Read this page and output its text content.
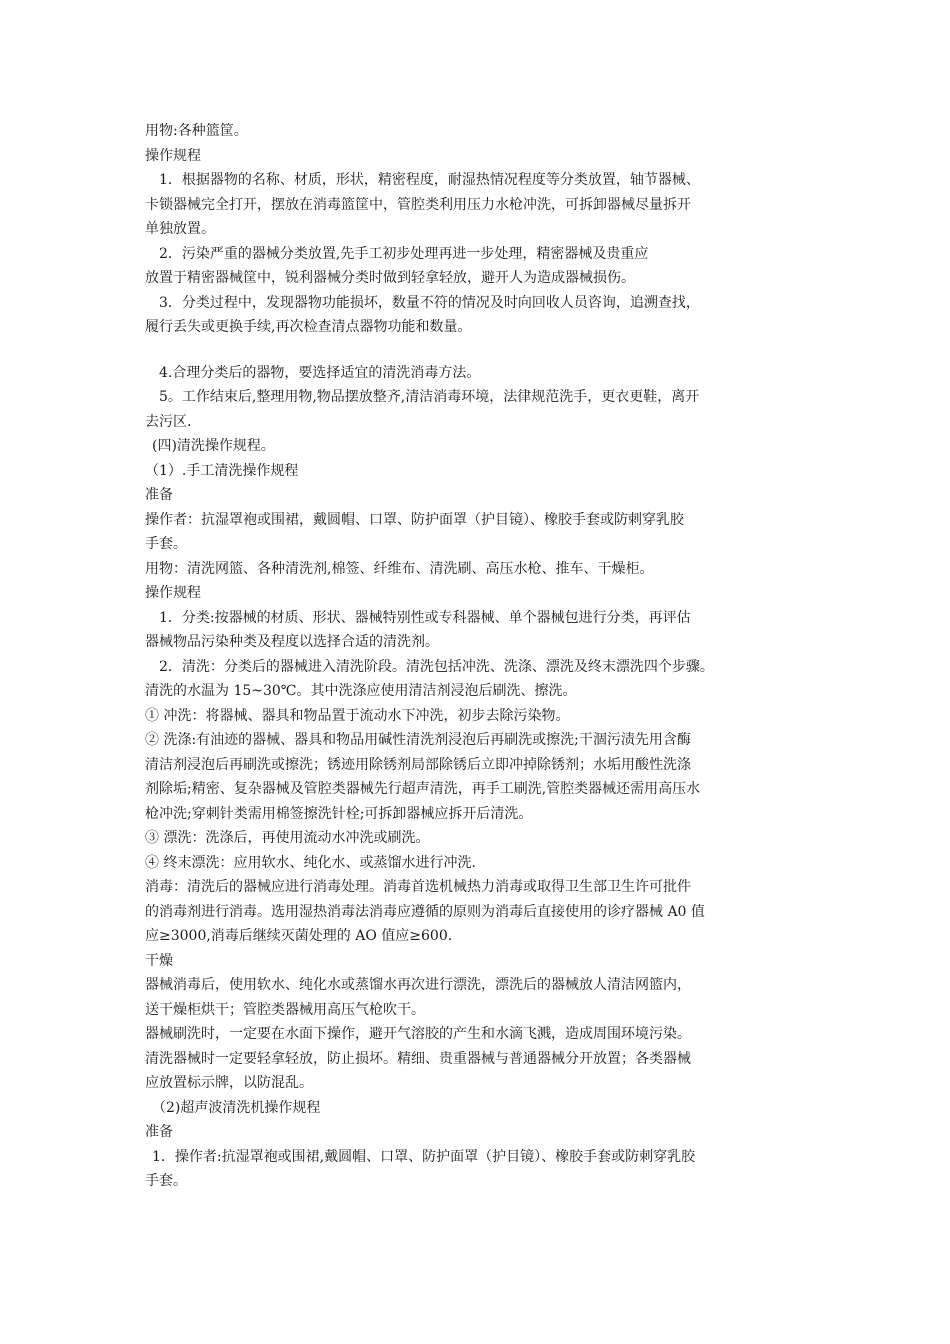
用物:各种篮筐。
操作规程
1．根据器物的名称、材质，形状，精密程度，耐湿热情况程度等分类放置，轴节器械、
卡锁器械完全打开，摆放在消毒篮筐中，管腔类利用压力水枪冲洗，可拆卸器械尽量拆开
单独放置。
2．污染严重的器械分类放置,先手工初步处理再进一步处理，精密器械及贵重应
放置于精密器械筐中，锐利器械分类时做到轻拿轻放，避开人为造成器械损伤。
3．分类过程中，发现器物功能损坏，数量不符的情况及时向回收人员咨询，追溯查找，
履行丢失或更换手续,再次检查清点器物功能和数量。
4.合理分类后的器物，要选择适宜的清洗消毒方法。
5。工作结束后,整理用物,物品摆放整齐,清洁消毒环境，法律规范洗手，更衣更鞋，离开
去污区.
(四)清洗操作规程。
（1）.手工清洗操作规程
准备
操作者：抗湿罩袍或围裙，戴圆帽、口罩、防护面罩（护目镜）、橡胶手套或防刺穿乳胶
手套。
用物：清洗网篮、各种清洗剂,棉签、纤维布、清洗刷、高压水枪、推车、干燥柜。
操作规程
1．分类:按器械的材质、形状、器械特别性或专科器械、单个器械包进行分类，再评估
器械物品污染种类及程度以选择合适的清洗剂。
2．清洗：分类后的器械进入清洗阶段。清洗包括冲洗、洗涤、漂洗及终末漂洗四个步骤。
清洗的水温为 15~30℃。其中洗涤应使用清洁剂浸泡后刷洗、擦洗。
① 冲洗：将器械、器具和物品置于流动水下冲洗，初步去除污染物。
② 洗涤:有油迹的器械、器具和物品用碱性清洗剂浸泡后再刷洗或擦洗;干涸污渍先用含酶
清洁剂浸泡后再刷洗或擦洗；锈迹用除锈剂局部除锈后立即冲掉除锈剂；水垢用酸性洗涤
剂除垢;精密、复杂器械及管腔类器械先行超声清洗，再手工刷洗,管腔类器械还需用高压水
枪冲洗;穿刺针类需用棉签擦洗针栓;可拆卸器械应拆开后清洗。
③ 漂洗：洗涤后，再使用流动水冲洗或刷洗。
④ 终末漂洗：应用软水、纯化水、或蒸馏水进行冲洗.
消毒：清洗后的器械应进行消毒处理。消毒首选机械热力消毒或取得卫生部卫生许可批件
的消毒剂进行消毒。选用湿热消毒法消毒应遵循的原则为消毒后直接使用的诊疗器械 A0 值
应≥3000,消毒后继续灭菌处理的 AO 值应≥600.
干燥
器械消毒后，使用软水、纯化水或蒸馏水再次进行漂洗，漂洗后的器械放人清洁网篮内，
送干燥柜烘干；管腔类器械用高压气枪吹干。
器械刷洗时，一定要在水面下操作，避开气溶胶的产生和水滴飞溅，造成周围环境污染。
清洗器械时一定要轻拿轻放，防止损坏。精细、贵重器械与普通器械分开放置；各类器械
应放置标示牌，以防混乱。
（2)超声波清洗机操作规程
准备
1．操作者:抗湿罩袍或围裙,戴圆帽、口罩、防护面罩（护目镜）、橡胶手套或防刺穿乳胶
手套。
